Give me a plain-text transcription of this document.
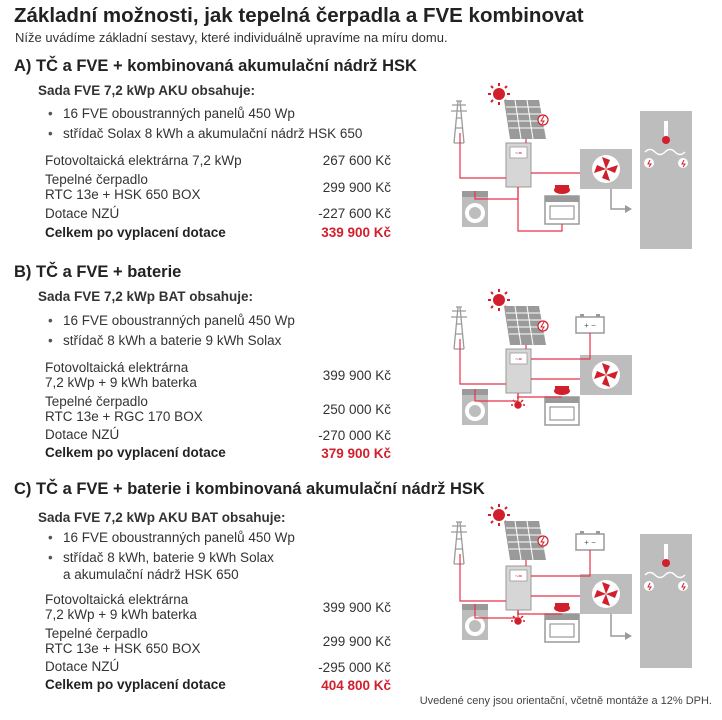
Základní možnosti, jak tepelná čerpadla a FVE kombinovat
Níže uvádíme základní sestavy, které individuálně upravíme na míru domu.
A) TČ a FVE + kombinovaná akumulační nádrž HSK
Sada FVE 7,2 kWp AKU obsahuje:
• 16 FVE oboustranných panelů 450 Wp
• střídač Solax 8 kWh a akumulační nádrž HSK 650
Fotovoltaická elektrárna 7,2 kWp	267 600 Kč
Tepelné čerpadlo
RTC 13e + HSK 650 BOX	299 900 Kč
Dotace NZÚ	-227 600 Kč
Celkem po vyplacení dotace	339 900 Kč
~=
B) TČ a FVE + baterie
Sada FVE 7,2 kWp BAT obsahuje:
• 16 FVE oboustranných panelů 450 Wp
• střídač 8 kWh a baterie 9 kWh Solax
Fotovoltaická elektrárna
7,2 kWp + 9 kWh baterka	399 900 Kč
Tepelné čerpadlo
RTC 13e + RGC 170 BOX	250 000 Kč
Dotace NZÚ	-270 000 Kč
Celkem po vyplacení dotace	379 900 Kč
+ −
~=
C) TČ a FVE + baterie i kombinovaná akumulační nádrž HSK
Sada FVE 7,2 kWp AKU BAT obsahuje:
• 16 FVE oboustranných panelů 450 Wp
• střídač 8 kWh, baterie 9 kWh Solax
a akumulační nádrž HSK 650
Fotovoltaická elektrárna
7,2 kWp + 9 kWh baterka	399 900 Kč
Tepelné čerpadlo
RTC 13e + HSK 650 BOX	299 900 Kč
Dotace NZÚ	-295 000 Kč
Celkem po vyplacení dotace	404 800 Kč
+ −
~=
Uvedené ceny jsou orientační, včetně montáže a 12% DPH.
